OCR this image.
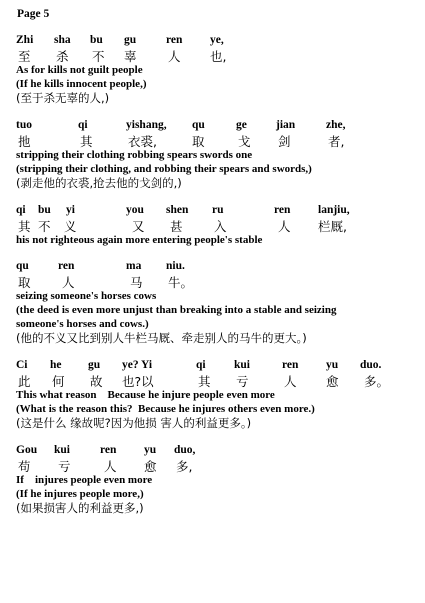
Page 5
Zhi sha bu gu	ren ye,
至 杀 不 辜	人 也,
As for kills not guilt people
(If he kills innocent people,)
(至于杀无辜的人,)
tuo	qi	yishang, qu	ge	jian	zhe,
扡	其	衣裘,	取	戈 剑	者,
stripping their clothing robbing spears swords one
(stripping their clothing, and robbing their spears and swords,)
(剥走他的衣裘,抢去他的戈剑的,)
qi bu yi	you shen ru	ren lanjiu,
其 不 义	又 甚	入	人 栏厩,
his not righteous again more entering people's stable
qu	ren	ma niu.
取	人	马 牛。
seizing someone's horses cows
(the deed is even more unjust than breaking into a stable and seizing
someone's horses and cows.)
(他的不义又比到别人牛栏马厩、牵走别人的马牛的更大。)
Ci he gu ye? Yi	qi kui	ren yu duo.
此 何 故 也?以	其 亏	人 愈 多。
This what reason    Because he injure people even more
(What is the reason this?  Because he injures others even more.)
(这是什么 缘故呢?因为他损 害人的利益更多。)
Gou kui	ren yu duo,
苟 亏	人 愈 多,
If    injures people even more
(If he injures people more,)
(如果损害人的利益更多,)
